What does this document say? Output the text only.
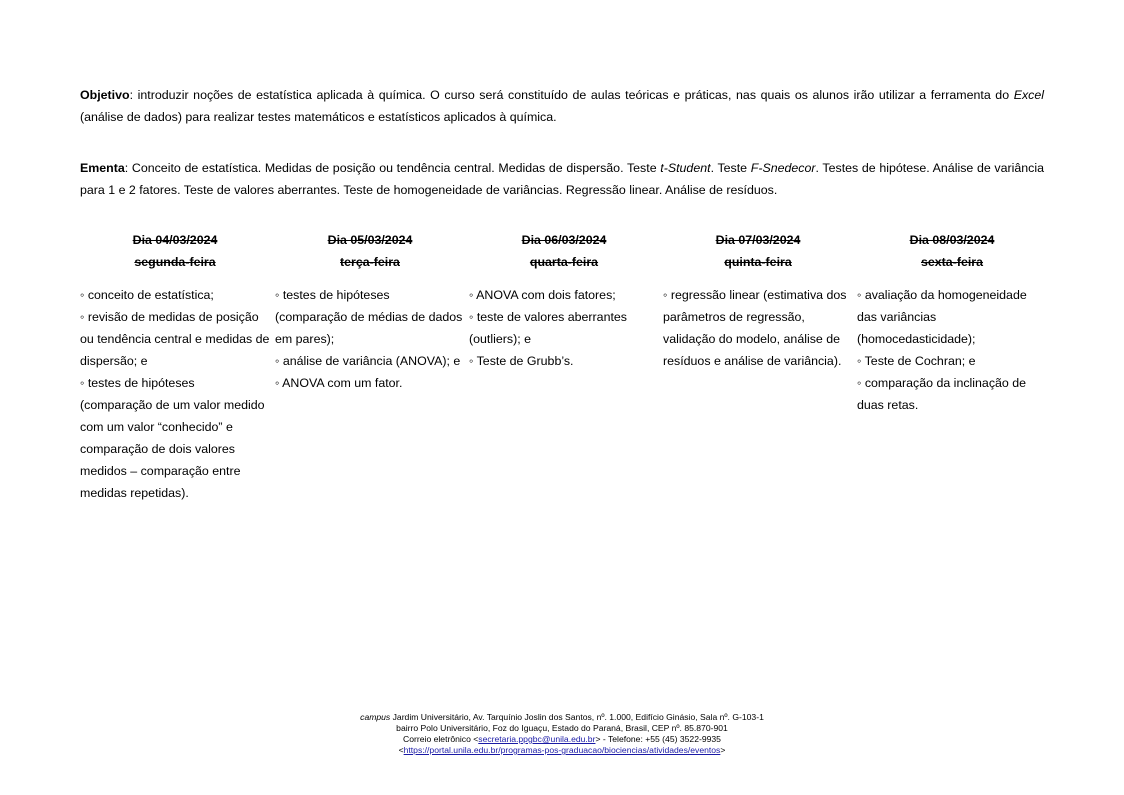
Objetivo: introduzir noções de estatística aplicada à química. O curso será constituído de aulas teóricas e práticas, nas quais os alunos irão utilizar a ferramenta do Excel (análise de dados) para realizar testes matemáticos e estatísticos aplicados à química.
Ementa: Conceito de estatística. Medidas de posição ou tendência central. Medidas de dispersão. Teste t-Student. Teste F-Snedecor. Testes de hipótese. Análise de variância para 1 e 2 fatores. Teste de valores aberrantes. Teste de homogeneidade de variâncias. Regressão linear. Análise de resíduos.
Dia 04/03/2024
segunda-feira

◦ conceito de estatística;

◦ revisão de medidas de posição ou tendência central e medidas de dispersão; e

◦ testes de hipóteses (comparação de um valor medido com um valor “conhecido” e

comparação de dois valores medidos – comparação entre medidas repetidas).

Dia 05/03/2024
terça-feira

◦ testes de hipóteses (comparação de médias de dados em pares);

◦ análise de variância (ANOVA); e

◦ ANOVA com um fator.

Dia 06/03/2024
quarta-feira

◦ ANOVA com dois fatores;

◦ teste de valores aberrantes (outliers); e

◦ Teste de Grubb’s.

Dia 07/03/2024
quinta-feira

◦ regressão linear (estimativa dos parâmetros de regressão, validação do modelo, análise de resíduos e análise de variância).

Dia 08/03/2024
sexta-feira

◦ avaliação da homogeneidade das variâncias (homocedasticidade);

◦ Teste de Cochran; e

◦ comparação da inclinação de duas retas.

campus Jardim Universitário, Av. Tarquínio Joslin dos Santos, nº. 1.000, Edifício Ginásio, Sala nº. G-103-1
bairro Polo Universitário, Foz do Iguaçu, Estado do Paraná, Brasil, CEP nº. 85.870-901
Correio eletrônico <secretaria.ppgbc@unila.edu.br> - Telefone: +55 (45) 3522-9935
<https://portal.unila.edu.br/programas-pos-graduacao/biociencias/atividades/eventos>
